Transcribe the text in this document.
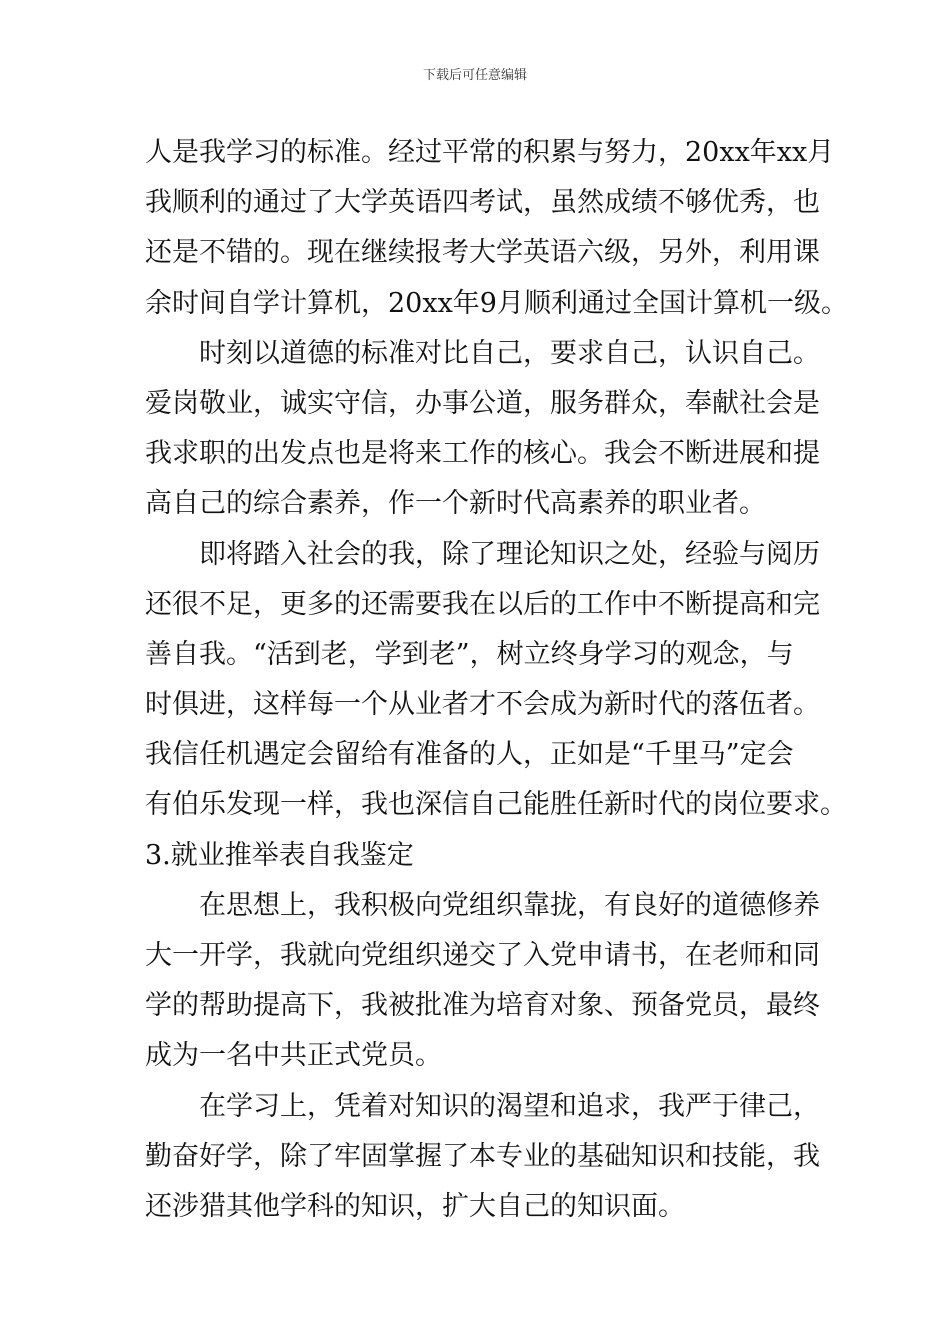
下载后可任意编辑
人是我学习的标准。经过平常的积累与努力，20xx年xx月
我顺利的通过了大学英语四考试，虽然成绩不够优秀，也
还是不错的。现在继续报考大学英语六级，另外，利用课
余时间自学计算机，20xx年9月顺利通过全国计算机一级。
时刻以道德的标准对比自己，要求自己，认识自己。
爱岗敬业，诚实守信，办事公道，服务群众，奉献社会是
我求职的出发点也是将来工作的核心。我会不断进展和提
高自己的综合素养，作一个新时代高素养的职业者。
即将踏入社会的我，除了理论知识之处，经验与阅历
还很不足，更多的还需要我在以后的工作中不断提高和完
善自我。“活到老，学到老”，树立终身学习的观念，与
时俱进，这样每一个从业者才不会成为新时代的落伍者。
我信任机遇定会留给有准备的人，正如是“千里马”定会
有伯乐发现一样，我也深信自己能胜任新时代的岗位要求。
3.就业推举表自我鉴定
在思想上，我积极向党组织靠拢，有良好的道德修养
大一开学，我就向党组织递交了入党申请书，在老师和同
学的帮助提高下，我被批准为培育对象、预备党员，最终
成为一名中共正式党员。
在学习上，凭着对知识的渴望和追求，我严于律己，
勤奋好学，除了牢固掌握了本专业的基础知识和技能，我
还涉猎其他学科的知识，扩大自己的知识面。
